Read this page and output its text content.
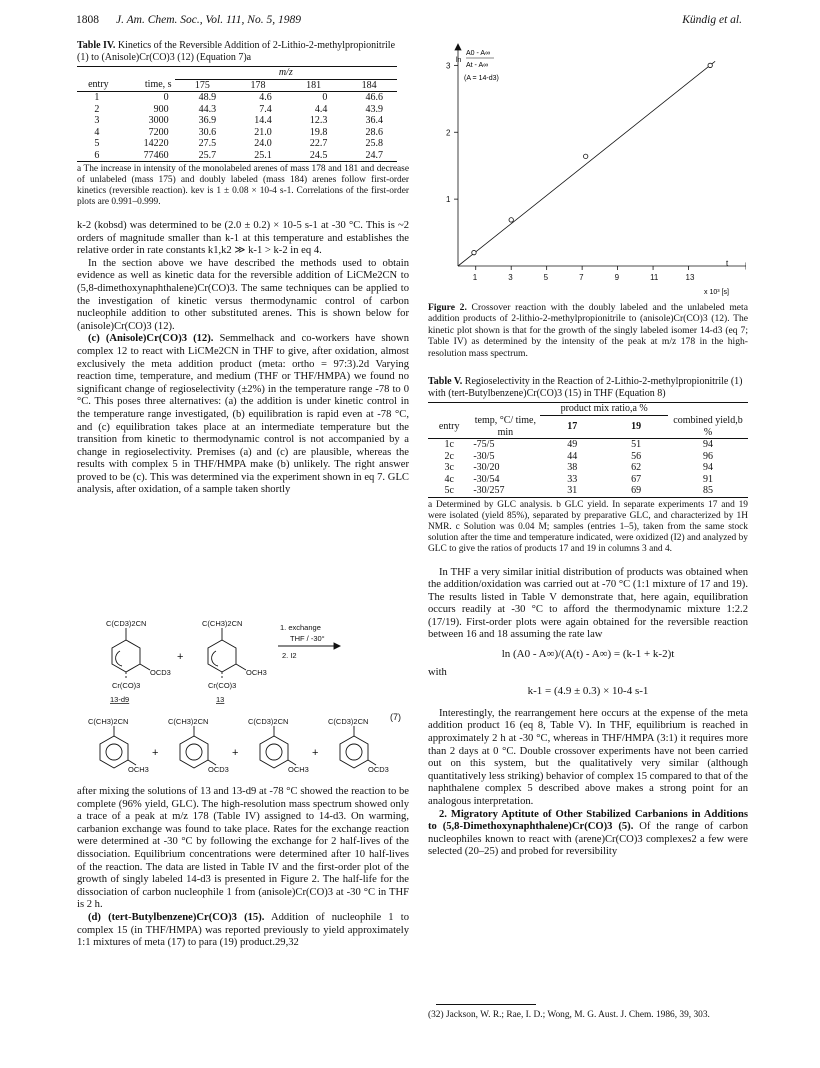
1808 J. Am. Chem. Soc., Vol. 111, No. 5, 1989	Kündig et al.
Table IV. Kinetics of the Reversible Addition of 2-Lithio-2-methylpropionitrile (1) to (Anisole)Cr(CO)3 (12) (Equation 7)a
		m/z			
entry	time, s	175	178	181	184
1	0	48.9	4.6	0	46.6
2	900	44.3	7.4	4.4	43.9
3	3000	36.9	14.4	12.3	36.4
4	7200	30.6	21.0	19.8	28.6
5	14220	27.5	24.0	22.7	25.8
6	77460	25.7	25.1	24.5	24.7
a The increase in intensity of the monolabeled arenes of mass 178 and 181 and decrease of unlabeled (mass 175) and doubly labeled (mass 184) arenes follow first-order kinetics (reversible reaction). kev is 1 ± 0.08 × 10-4 s-1. Correlations of the first-order plots are 0.991–0.999.
k-2 (kobsd) was determined to be (2.0 ± 0.2) × 10-5 s-1 at -30 °C. This is ~2 orders of magnitude smaller than k-1 at this temperature and establishes the relative order in rate constants k1,k2 ≫ k-1 > k-2 in eq 4.
In the section above we have described the methods used to obtain evidence as well as kinetic data for the reversible addition of LiCMe2CN to (5,8-dimethoxynaphthalene)Cr(CO)3. The same techniques can be applied to the investigation of kinetic versus thermodynamic control of carbon nucleophile addition to other substituted arenes. This is shown below for (anisole)Cr(CO)3 (12).
(c) (Anisole)Cr(CO)3 (12). Semmelhack and co-workers have shown complex 12 to react with LiCMe2CN in THF to give, after oxidation, almost exclusively the meta addition product (meta: ortho = 97:3).2d Varying reaction time, temperature, and medium (THF or THF/HMPA) we found no significant change of regioselectivity (±2%) in the temperature range -78 to 0 °C. This poses three alternatives: (a) the addition is under kinetic control in the temperature range investigated, (b) equilibration is rapid even at -78 °C, and (c) equilibration takes place at an intermediate temperature but the transition from kinetic to thermodynamic control is not accompanied by a change in regioselectivity. Premises (a) and (c) are plausible, whereas the results with complex 5 in THF/HMPA make (b) unlikely. The right answer proved to be (c). This was determined via the experiment shown in eq 7. GLC analysis, after oxidation, of a sample taken shortly
C(CD3)2CN
OCD3
Cr(CO)3
13-d9
+
C(CH3)2CN
OCH3
Cr(CO)3
13
1. exchange
THF / -30°
2. I2
(7)
C(CH3)2CN
OCH3
+
C(CH3)2CN
OCD3
+
C(CD3)2CN
OCH3
+
C(CD3)2CN
OCD3
after mixing the solutions of 13 and 13-d9 at -78 °C showed the reaction to be complete (96% yield, GLC). The high-resolution mass spectrum showed only a trace of a peak at m/z 178 (Table IV) assigned to 14-d3. On warming, carbanion exchange was found to take place. Rates for the exchange reaction were determined at -30 °C by following the exchange for 2 half-lives of the dissociation. Equilibrium concentrations were determined after 10 half-lives of the reaction. The data are listed in Table IV and the first-order plot of the growth of singly labeled 14-d3 is presented in Figure 2. The half-life for the dissociation of carbon nucleophile 1 from (anisole)Cr(CO)3 at -30 °C in THF is 2 h.
(d) (tert-Butylbenzene)Cr(CO)3 (15). Addition of nucleophile 1 to complex 15 (in THF/HMPA) was reported previously to yield approximately 1:1 mixtures of meta (17) to para (19) product.29,32
1	3	5	7	9	11	13
1
2
3
ln
A0 - A∞
At - A∞
(A = 14-d3)
x 10³ [s]
t
Figure 2. Crossover reaction with the doubly labeled and the unlabeled meta addition products of 2-lithio-2-methylpropionitrile to (anisole)Cr(CO)3 (12). The kinetic plot shown is that for the growth of the singly labeled isomer 14-d3 (eq 7; Table IV) as determined by the intensity of the peak at m/z 178 in the high-resolution mass spectrum.
Table V. Regioselectivity in the Reaction of 2-Lithio-2-methylpropionitrile (1) with (tert-Butylbenzene)Cr(CO)3 (15) in THF (Equation 8)
		product mix ratio,a %		
entry	temp, °C/ time, min	17	19	combined yield,b %
1c	-75/5	49	51	94
2c	-30/5	44	56	96
3c	-30/20	38	62	94
4c	-30/54	33	67	91
5c	-30/257	31	69	85
a Determined by GLC analysis. b GLC yield. In separate experiments 17 and 19 were isolated (yield 85%), separated by preparative GLC, and characterized by 1H NMR. c Solution was 0.04 M; samples (entries 1–5), taken from the same stock solution after the time and temperature indicated, were oxidized (I2) and analyzed by GLC to give the ratios of products 17 and 19 in columns 3 and 4.
In THF a very similar initial distribution of products was obtained when the addition/oxidation was carried out at -70 °C (1:1 mixture of 17 and 19). The results listed in Table V demonstrate that, here again, equilibration occurs readily at -30 °C to afford the thermodynamic mixture 1:2.2 (17/19). First-order plots were again obtained for the reversible reaction between 16 and 18 assuming the rate law
ln (A0 - A∞)/(A(t) - A∞) = (k-1 + k-2)t
with
k-1 = (4.9 ± 0.3) × 10-4 s-1
Interestingly, the rearrangement here occurs at the expense of the meta addition product 16 (eq 8, Table V). In THF, equilibrium is reached in approximately 2 h at -30 °C, whereas in THF/HMPA (3:1) it requires more than 2 days at 0 °C. Double crossover experiments have not been carried out on this system, but the qualitatively very similar (although quantitatively less striking) behavior of complex 15 compared to that of the naphthalene complex 5 described above makes a strong point for an analogous interpretation.
2. Migratory Aptitute of Other Stabilized Carbanions in Additions to (5,8-Dimethoxynaphthalene)Cr(CO)3 (5). Of the range of carbon nucleophiles known to react with (arene)Cr(CO)3 complexes2 a few were selected (20–25) and probed for reversibility
(32) Jackson, W. R.; Rae, I. D.; Wong, M. G. Aust. J. Chem. 1986, 39, 303.
